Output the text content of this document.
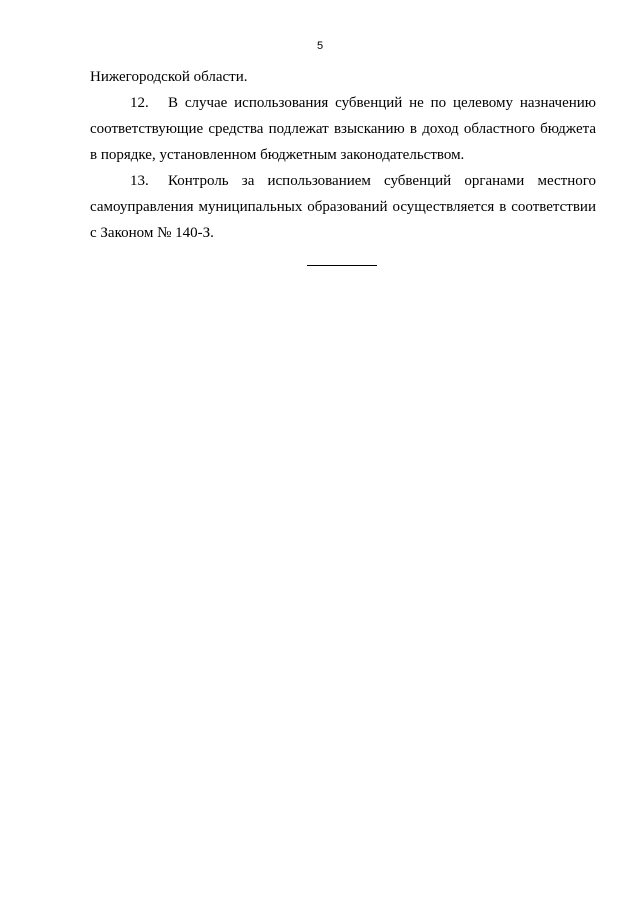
5
Нижегородской области.
12. В случае использования субвенций не по целевому назначению
соответствующие средства подлежат взысканию в доход областного бюджета
в порядке, установленном бюджетным законодательством.
13. Контроль за использованием субвенций органами местного
самоуправления муниципальных образований осуществляется в соответствии
с Законом № 140-З.
